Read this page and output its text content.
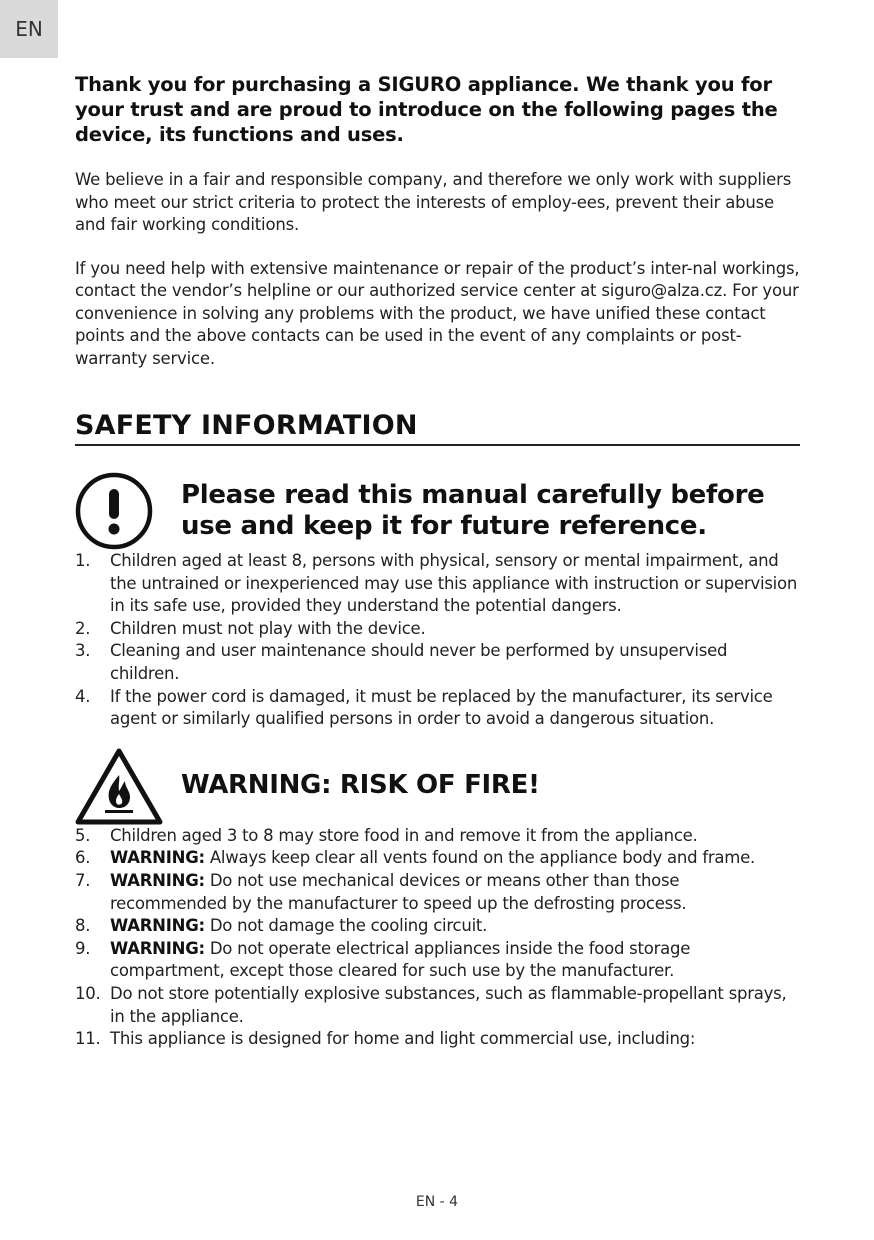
EN

Thank you for purchasing a SIGURO appliance. We thank you for your trust and are proud to introduce on the following pages the device, its functions and uses.

We believe in a fair and responsible company, and therefore we only work with suppliers who meet our strict criteria to protect the interests of employ-ees, prevent their abuse and fair working conditions.

If you need help with extensive maintenance or repair of the product’s inter-nal workings, contact the vendor’s helpline or our authorized service center at siguro@alza.cz. For your convenience in solving any problems with the product, we have unified these contact points and the above contacts can be used in the event of any complaints or post-warranty service.

SAFETY INFORMATION
Please read this manual carefully before use and keep it for future reference.
1. Children aged at least 8, persons with physical, sensory or mental impairment, and the untrained or inexperienced may use this appliance with instruction or supervision in its safe use, provided they understand the potential dangers.
2. Children must not play with the device.
3. Cleaning and user maintenance should never be performed by unsupervised children.
4. If the power cord is damaged, it must be replaced by the manufacturer, its service agent or similarly qualified persons in order to avoid a dangerous situation.
WARNING: RISK OF FIRE!
5. Children aged 3 to 8 may store food in and remove it from the appliance.
6. WARNING: Always keep clear all vents found on the appliance body and frame.
7. WARNING: Do not use mechanical devices or means other than those recommended by the manufacturer to speed up the defrosting process.
8. WARNING: Do not damage the cooling circuit.
9. WARNING: Do not operate electrical appliances inside the food storage compartment, except those cleared for such use by the manufacturer.
10. Do not store potentially explosive substances, such as flammable-propellant sprays, in the appliance.
11. This appliance is designed for home and light commercial use, including:
EN - 4
